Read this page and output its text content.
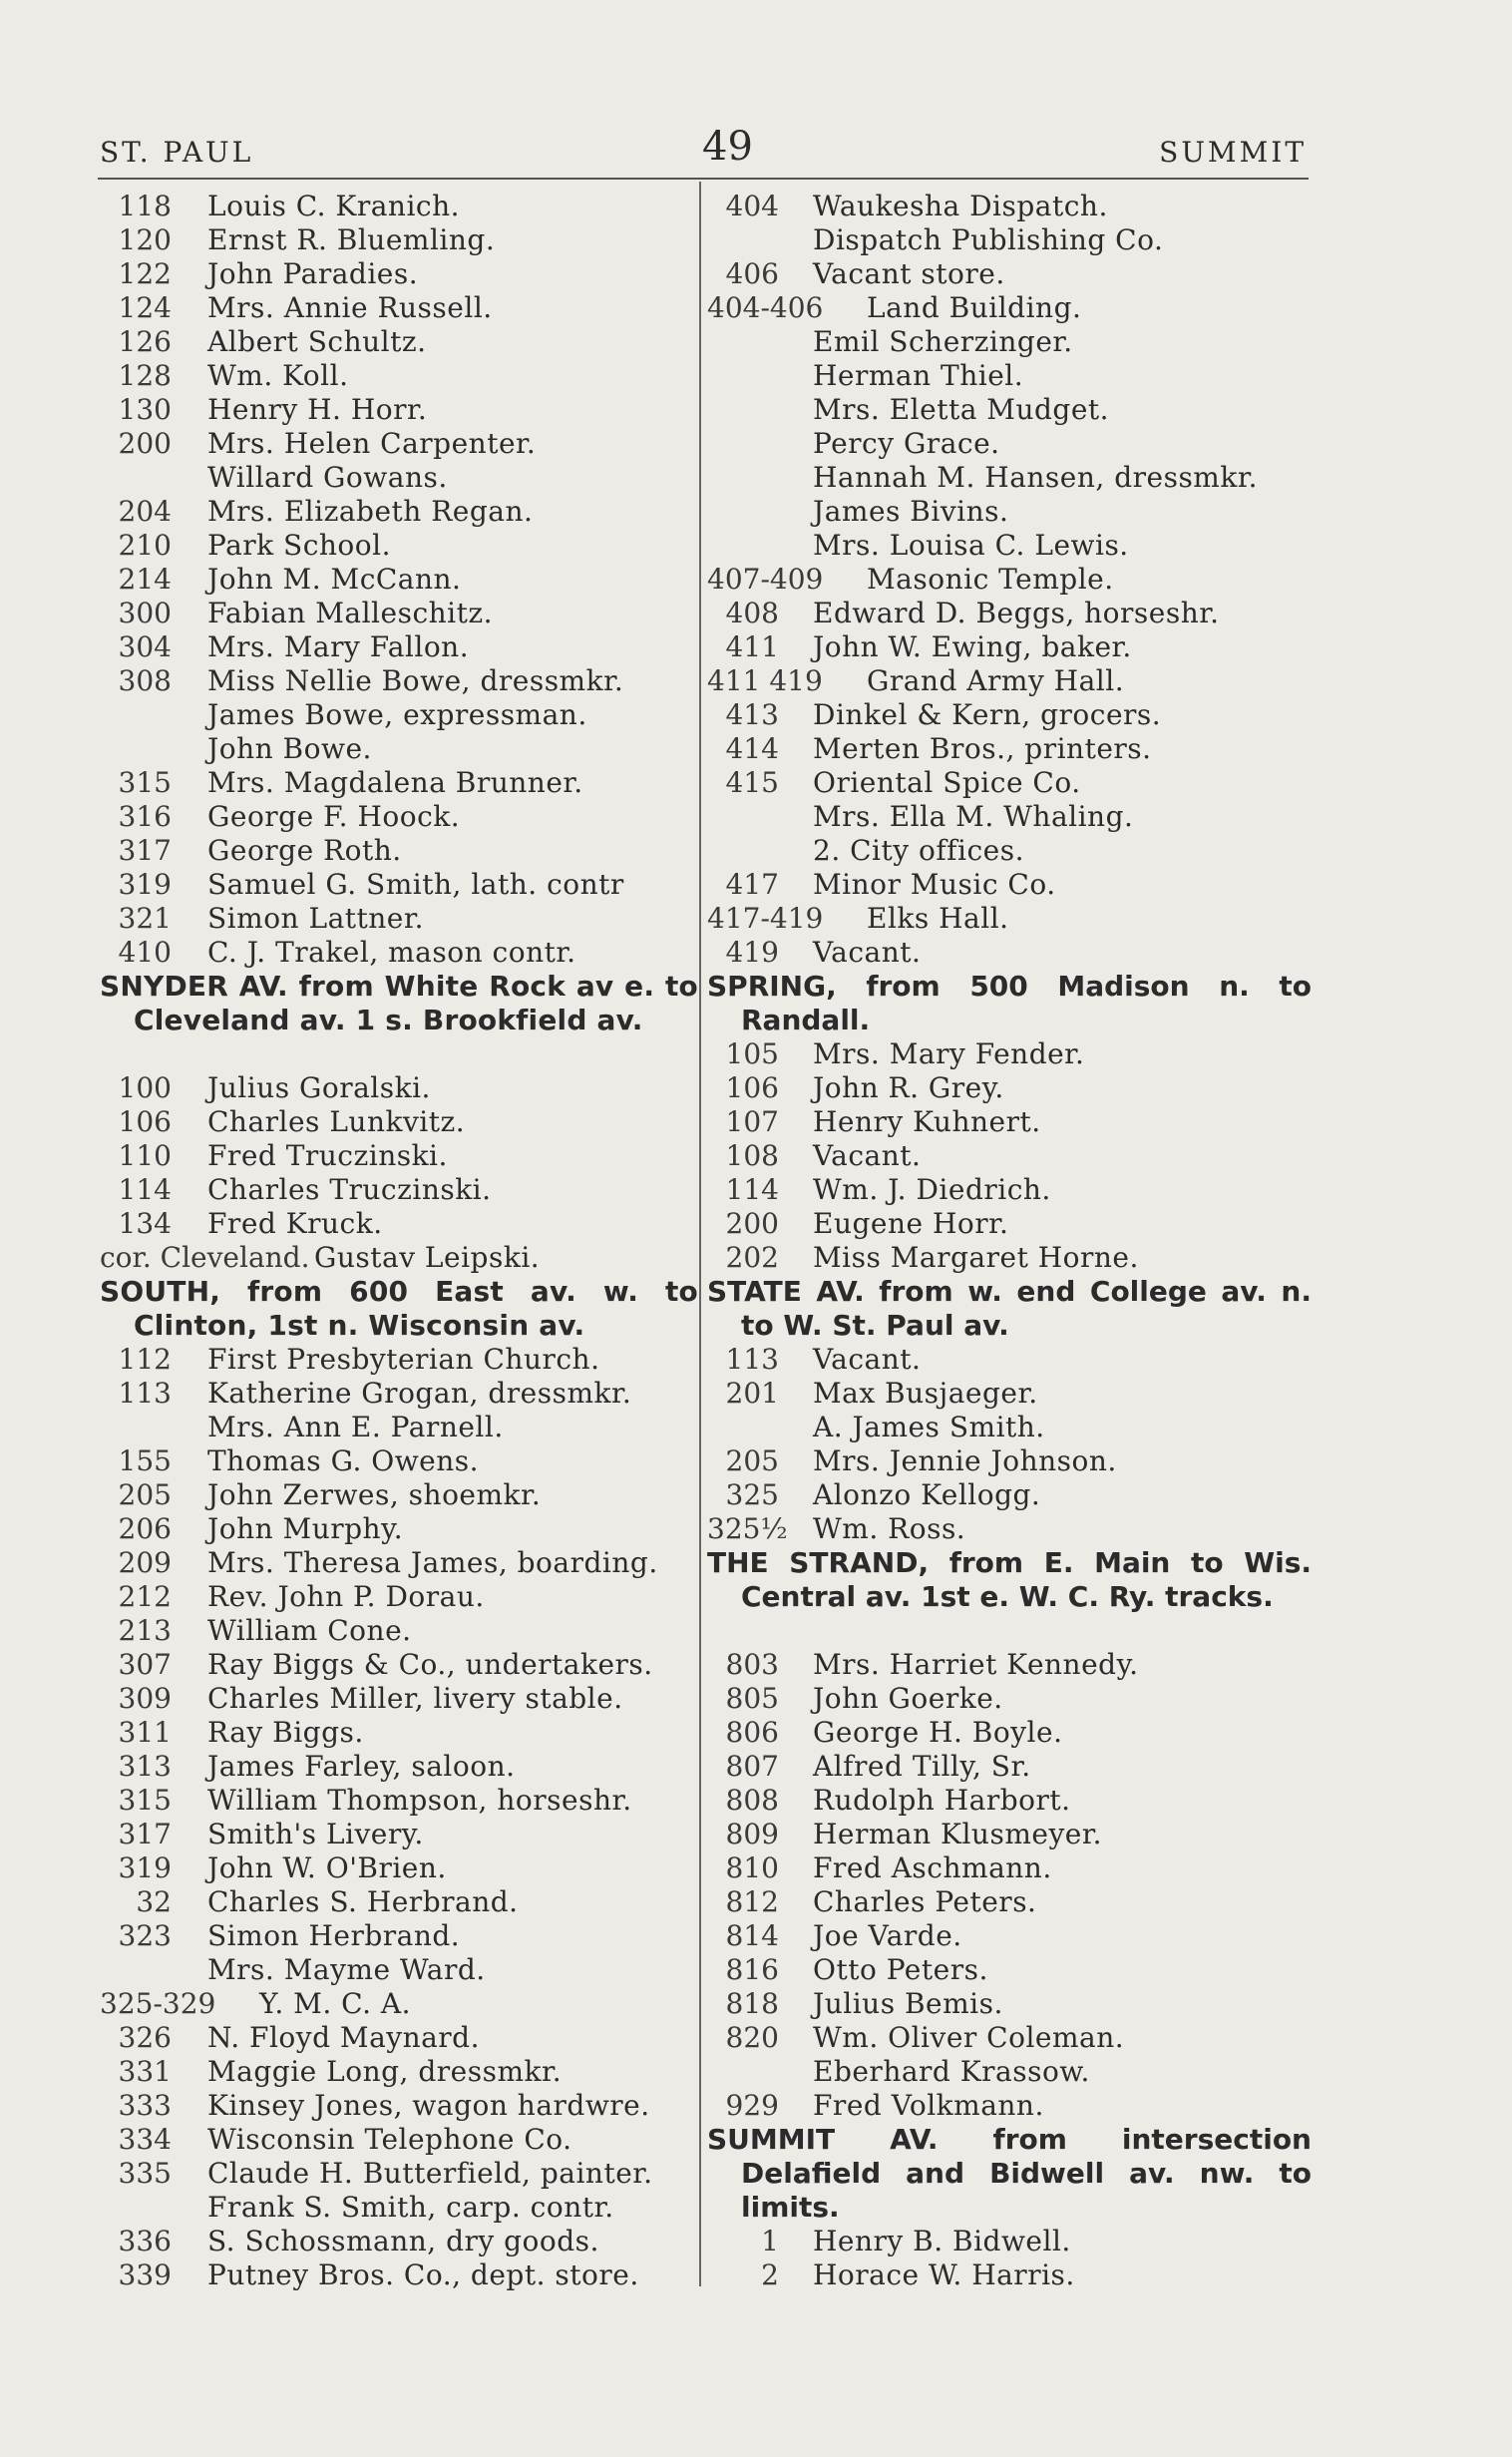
ST. PAUL	49	SUMMIT
118 Louis C. Kranich.
120 Ernst R. Bluemling.
122 John Paradies.
124 Mrs. Annie Russell.
126 Albert Schultz.
128 Wm. Koll.
130 Henry H. Horr.
200 Mrs. Helen Carpenter.
Willard Gowans.
204 Mrs. Elizabeth Regan.
210 Park School.
214 John M. McCann.
300 Fabian Malleschitz.
304 Mrs. Mary Fallon.
308 Miss Nellie Bowe, dressmkr.
James Bowe, expressman.
John Bowe.
315 Mrs. Magdalena Brunner.
316 George F. Hoock.
317 George Roth.
319 Samuel G. Smith, lath. contr
321 Simon Lattner.
410 C. J. Trakel, mason contr.
SNYDER AV. from White Rock av e. to Cleveland av. 1 s. Brookfield av.
100 Julius Goralski.
106 Charles Lunkvitz.
110 Fred Truczinski.
114 Charles Truczinski.
134 Fred Kruck.
cor. Cleveland. Gustav Leipski.
SOUTH, from 600 East av. w. to Clinton, 1st n. Wisconsin av.
112 First Presbyterian Church.
113 Katherine Grogan, dressmkr.
Mrs. Ann E. Parnell.
155 Thomas G. Owens.
205 John Zerwes, shoemkr.
206 John Murphy.
209 Mrs. Theresa James, boarding.
212 Rev. John P. Dorau.
213 William Cone.
307 Ray Biggs & Co., undertakers.
309 Charles Miller, livery stable.
311 Ray Biggs.
313 James Farley, saloon.
315 William Thompson, horseshr.
317 Smith's Livery.
319 John W. O'Brien.
32 Charles S. Herbrand.
323 Simon Herbrand.
Mrs. Mayme Ward.
325-329 Y. M. C. A.
326 N. Floyd Maynard.
331 Maggie Long, dressmkr.
333 Kinsey Jones, wagon hardwre.
334 Wisconsin Telephone Co.
335 Claude H. Butterfield, painter.
Frank S. Smith, carp. contr.
336 S. Schossmann, dry goods.
339 Putney Bros. Co., dept. store.
404 Waukesha Dispatch.
Dispatch Publishing Co.
406 Vacant store.
404-406 Land Building.
Emil Scherzinger.
Herman Thiel.
Mrs. Eletta Mudget.
Percy Grace.
Hannah M. Hansen, dressmkr.
James Bivins.
Mrs. Louisa C. Lewis.
407-409 Masonic Temple.
408 Edward D. Beggs, horseshr.
411 John W. Ewing, baker.
411 419 Grand Army Hall.
413 Dinkel & Kern, grocers.
414 Merten Bros., printers.
415 Oriental Spice Co.
Mrs. Ella M. Whaling.
2. City offices.
417 Minor Music Co.
417-419 Elks Hall.
419 Vacant.
SPRING, from 500 Madison n. to Randall.
105 Mrs. Mary Fender.
106 John R. Grey.
107 Henry Kuhnert.
108 Vacant.
114 Wm. J. Diedrich.
200 Eugene Horr.
202 Miss Margaret Horne.
STATE AV. from w. end College av. n. to W. St. Paul av.
113 Vacant.
201 Max Busjaeger.
A. James Smith.
205 Mrs. Jennie Johnson.
325 Alonzo Kellogg.
325½ Wm. Ross.
THE STRAND, from E. Main to Wis. Central av. 1st e. W. C. Ry. tracks.
803 Mrs. Harriet Kennedy.
805 John Goerke.
806 George H. Boyle.
807 Alfred Tilly, Sr.
808 Rudolph Harbort.
809 Herman Klusmeyer.
810 Fred Aschmann.
812 Charles Peters.
814 Joe Varde.
816 Otto Peters.
818 Julius Bemis.
820 Wm. Oliver Coleman.
Eberhard Krassow.
929 Fred Volkmann.
SUMMIT AV. from intersection Delafield and Bidwell av. nw. to limits.
1 Henry B. Bidwell.
2 Horace W. Harris.
